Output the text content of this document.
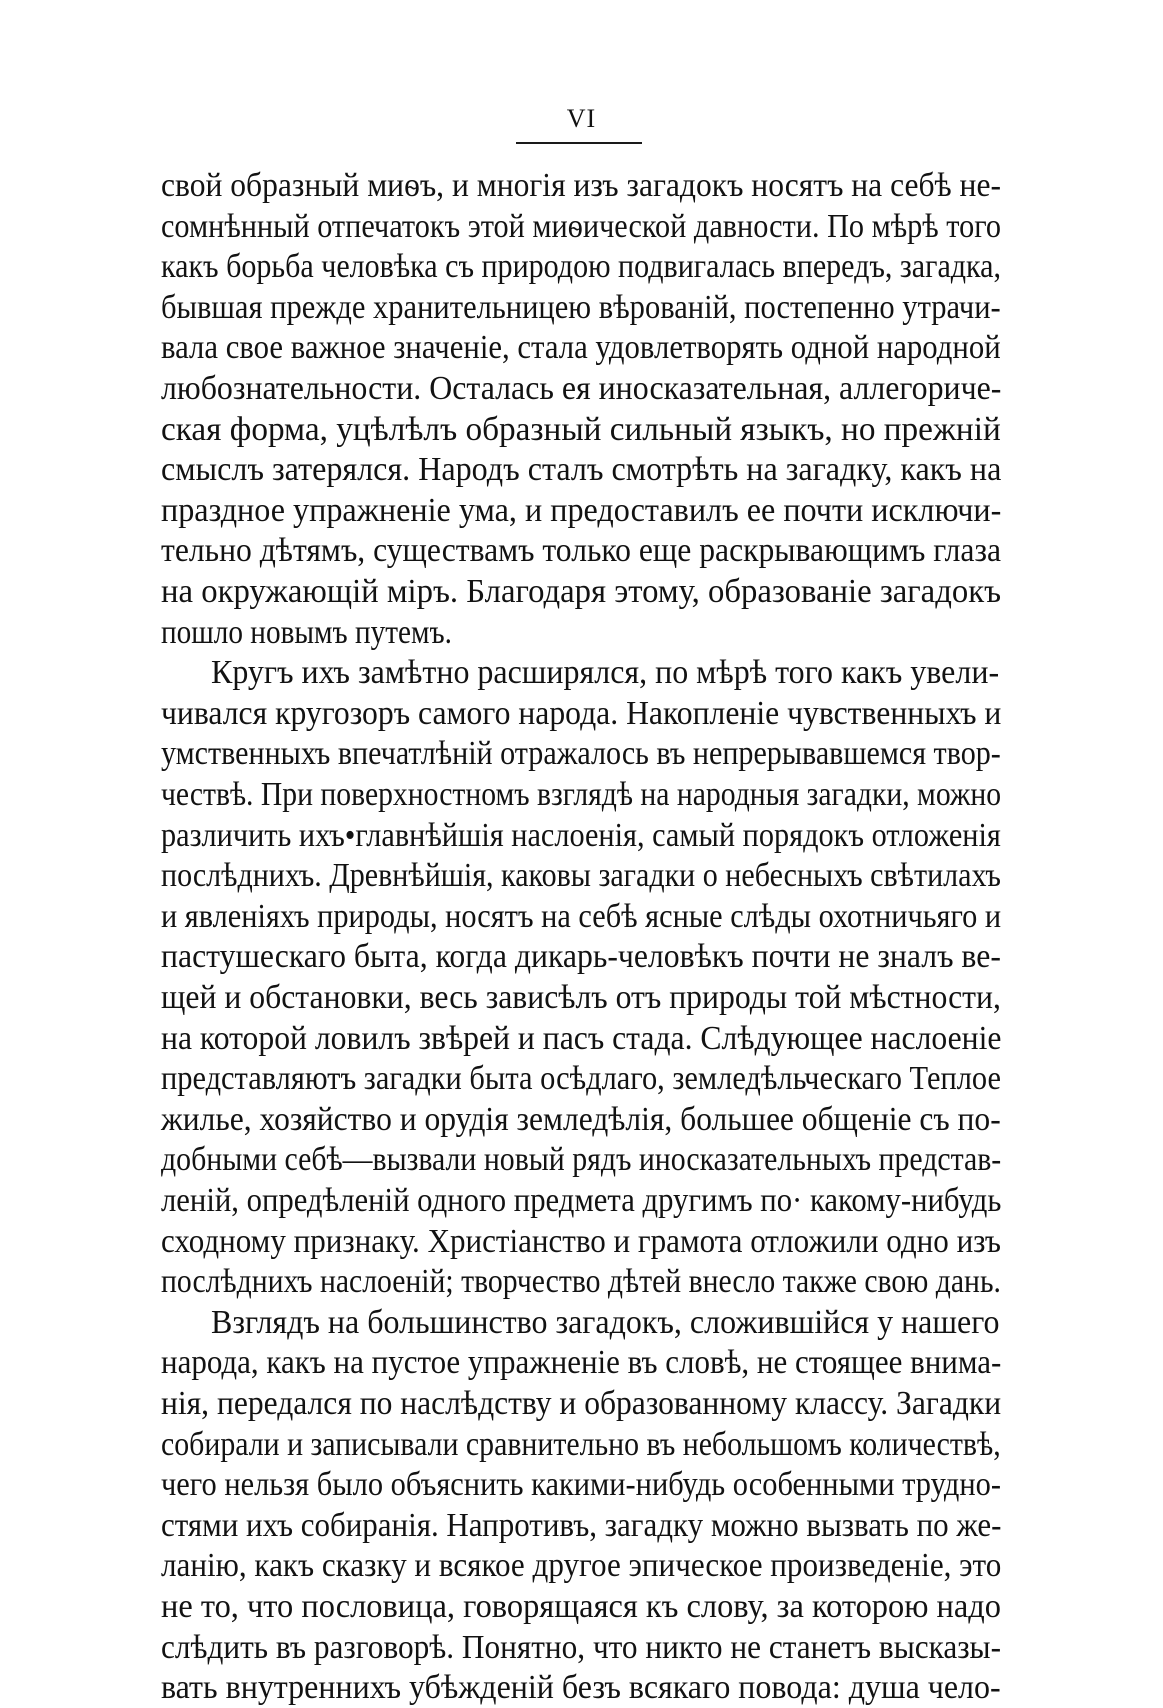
VI
свой образный миѳъ, и многія изъ загадокъ носятъ на себѣ не-
сомнѣнный отпечатокъ этой миѳической давности. По мѣрѣ того
какъ борьба человѣка съ природою подвигалась впередъ, загадка,
бывшая прежде хранительницею вѣрованій, постепенно утрачи-
вала свое важное значеніе, стала удовлетворять одной народной
любознательности. Осталась ея иносказательная, аллегориче-
ская форма, уцѣлѣлъ образный сильный языкъ, но прежній
смыслъ затерялся. Народъ сталъ смотрѣть на загадку, какъ на
праздное упражненіе ума, и предоставилъ ее почти исключи-
тельно дѣтямъ, существамъ только еще раскрывающимъ глаза
на окружающій міръ. Благодаря этому, образованіе загадокъ
пошло новымъ путемъ.
Кругъ ихъ замѣтно расширялся, по мѣрѣ того какъ увели-
чивался кругозоръ самого народа. Накопленіе чувственныхъ и
умственныхъ впечатлѣній отражалось въ непрерывавшемся твор-
чествѣ. При поверхностномъ взглядѣ на народныя загадки, можно
различить ихъ•главнѣйшія наслоенія, самый порядокъ отложенія
послѣднихъ. Древнѣйшія, каковы загадки о небесныхъ свѣтилахъ
и явленіяхъ природы, носятъ на себѣ ясные слѣды охотничьяго и
пастушескаго быта, когда дикарь-человѣкъ почти не зналъ ве-
щей и обстановки, весь зависѣлъ отъ природы той мѣстности,
на которой ловилъ звѣрей и пасъ стада. Слѣдующее наслоеніе
представляютъ загадки быта осѣдлаго, земледѣльческаго Теплое
жилье, хозяйство и орудія земледѣлія, большее общеніе съ по-
добными себѣ—вызвали новый рядъ иносказательныхъ представ-
леній, опредѣленій одного предмета другимъ по· какому-нибудь
сходному признаку. Христіанство и грамота отложили одно изъ
послѣднихъ наслоеній; творчество дѣтей внесло также свою дань.
Взглядъ на большинство загадокъ, сложившійся у нашего
народа, какъ на пустое упражненіе въ словѣ, не стоящее внима-
нія, передался по наслѣдству и образованному классу. Загадки
собирали и записывали сравнительно въ небольшомъ количествѣ,
чего нельзя было объяснить какими-нибудь особенными трудно-
стями ихъ собиранія. Напротивъ, загадку можно вызвать по же-
ланію, какъ сказку и всякое другое эпическое произведеніе, это
не то, что пословица, говорящаяся къ слову, за которою надо
слѣдить въ разговорѣ. Понятно, что никто не станетъ высказы-
вать внутреннихъ убѣжденій безъ всякаго повода: душа чело-
